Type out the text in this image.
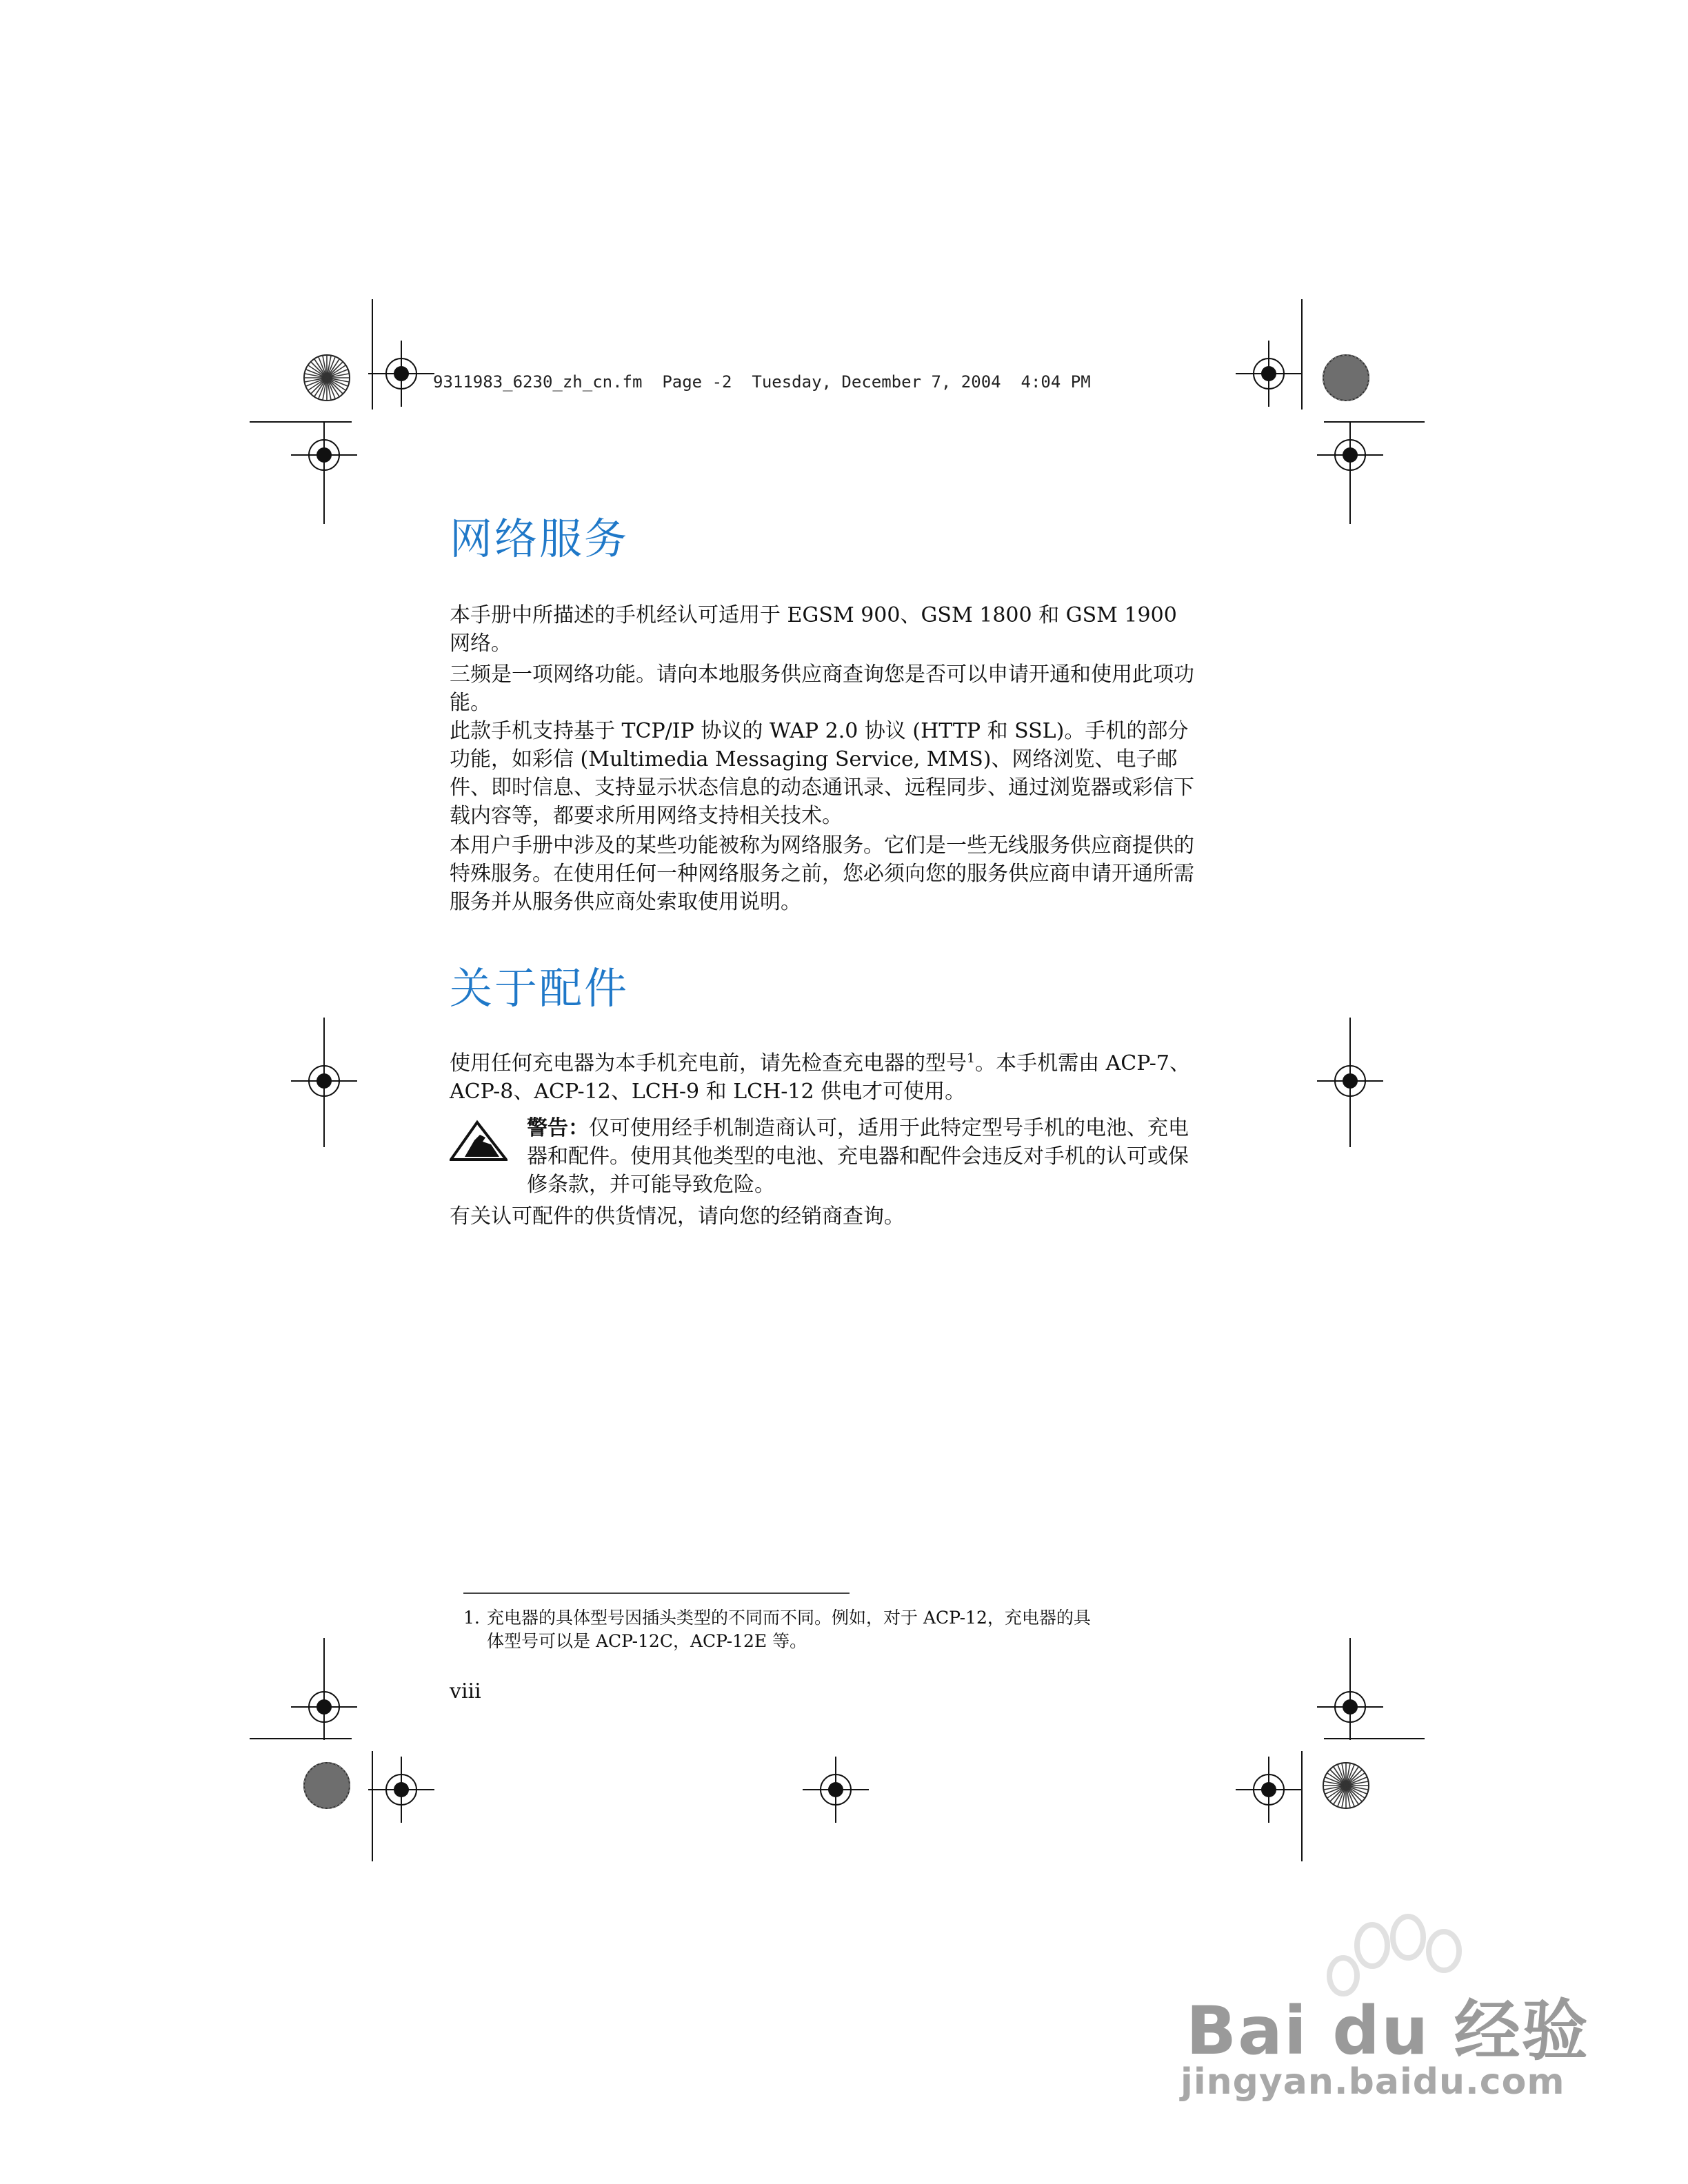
9311983_6230_zh_cn.fm  Page -2  Tuesday, December 7, 2004  4:04 PM
网络服务

本手册中所描述的手机经认可适用于 EGSM 900、GSM 1800 和 GSM 1900 网络。

三频是一项网络功能。请向本地服务供应商查询您是否可以申请开通和使用此项功能。

此款手机支持基于 TCP/IP 协议的 WAP 2.0 协议 (HTTP 和 SSL)。手机的部分功能，如彩信 (Multimedia Messaging Service, MMS)、网络浏览、电子邮件、即时信息、支持显示状态信息的动态通讯录、远程同步、通过浏览器或彩信下载内容等，都要求所用网络支持相关技术。

本用户手册中涉及的某些功能被称为网络服务。它们是一些无线服务供应商提供的特殊服务。在使用任何一种网络服务之前，您必须向您的服务供应商申请开通所需服务并从服务供应商处索取使用说明。

关于配件

使用任何充电器为本手机充电前，请先检查充电器的型号$^1$。本手机需由 ACP-7、ACP-8、ACP-12、LCH-9 和 LCH-12 供电才可使用。

警告：仅可使用经手机制造商认可，适用于此特定型号手机的电池、充电器和配件。使用其他类型的电池、充电器和配件会违反对手机的认可或保修条款，并可能导致危险。

有关认可配件的供货情况，请向您的经销商查询。

1. 充电器的具体型号因插头类型的不同而不同。例如，对于 ACP-12，充电器的具
体型号可以是 ACP-12C，ACP-12E 等。
viii
Bai du 经验
jingyan.baidu.com
